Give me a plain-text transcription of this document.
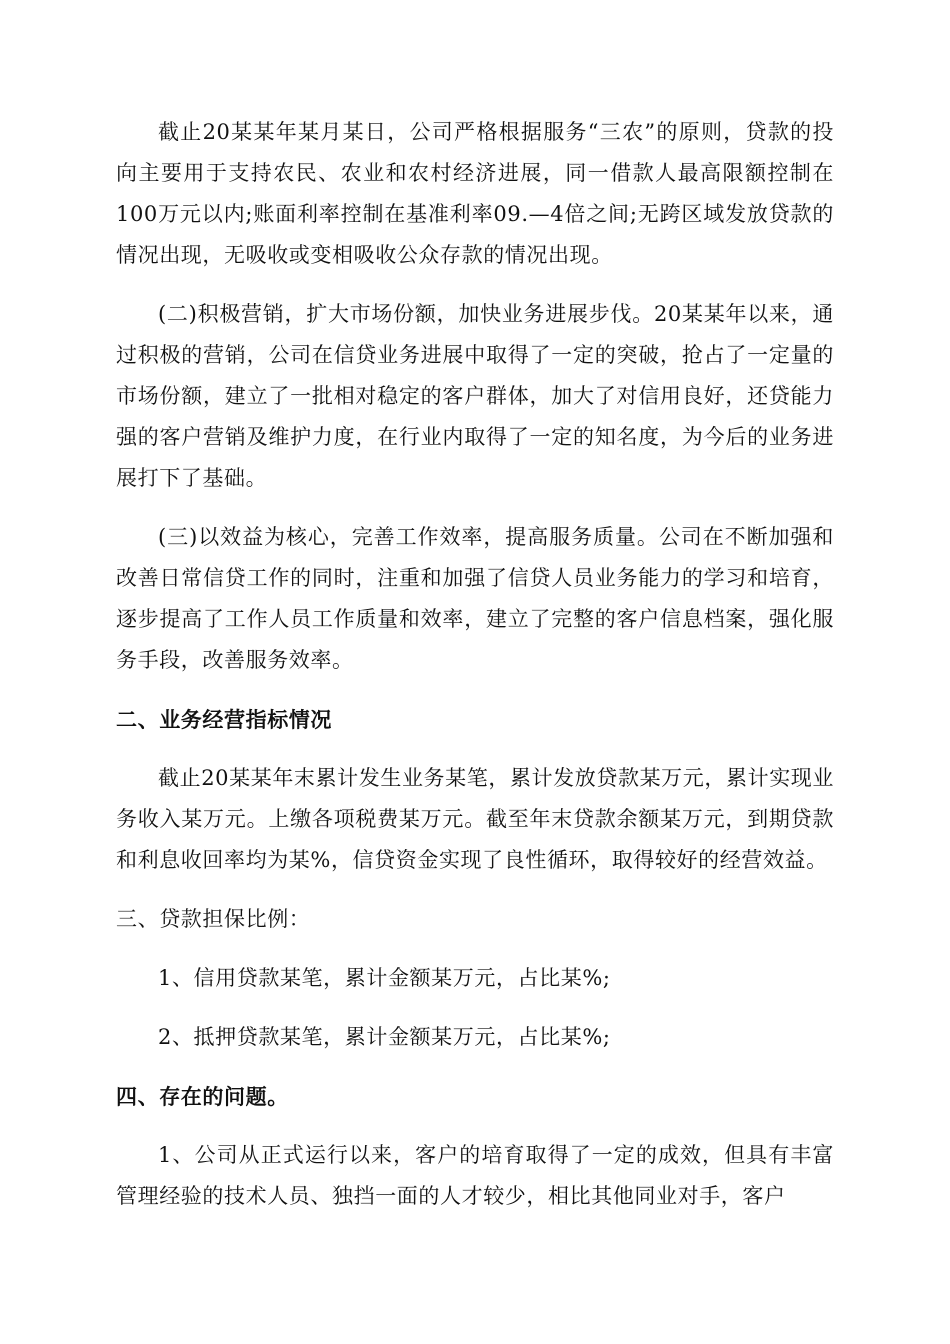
截止20某某年某月某日，公司严格根据服务“三农”的原则，贷款的投向主要用于支持农民、农业和农村经济进展，同一借款人最高限额控制在100万元以内;账面利率控制在基准利率09.—4倍之间;无跨区域发放贷款的情况出现，无吸收或变相吸收公众存款的情况出现。

(二)积极营销，扩大市场份额，加快业务进展步伐。20某某年以来，通过积极的营销，公司在信贷业务进展中取得了一定的突破，抢占了一定量的市场份额，建立了一批相对稳定的客户群体，加大了对信用良好，还贷能力强的客户营销及维护力度，在行业内取得了一定的知名度，为今后的业务进展打下了基础。

(三)以效益为核心，完善工作效率，提高服务质量。公司在不断加强和改善日常信贷工作的同时，注重和加强了信贷人员业务能力的学习和培育，逐步提高了工作人员工作质量和效率，建立了完整的客户信息档案，强化服务手段，改善服务效率。

二、业务经营指标情况

截止20某某年末累计发生业务某笔，累计发放贷款某万元，累计实现业务收入某万元。上缴各项税费某万元。截至年末贷款余额某万元，到期贷款和利息收回率均为某%，信贷资金实现了良性循环，取得较好的经营效益。

三、贷款担保比例：

1、信用贷款某笔，累计金额某万元，占比某%;

2、抵押贷款某笔，累计金额某万元，占比某%;

四、存在的问题。

1、公司从正式运行以来，客户的培育取得了一定的成效，但具有丰富管理经验的技术人员、独挡一面的人才较少，相比其他同业对手，客户
